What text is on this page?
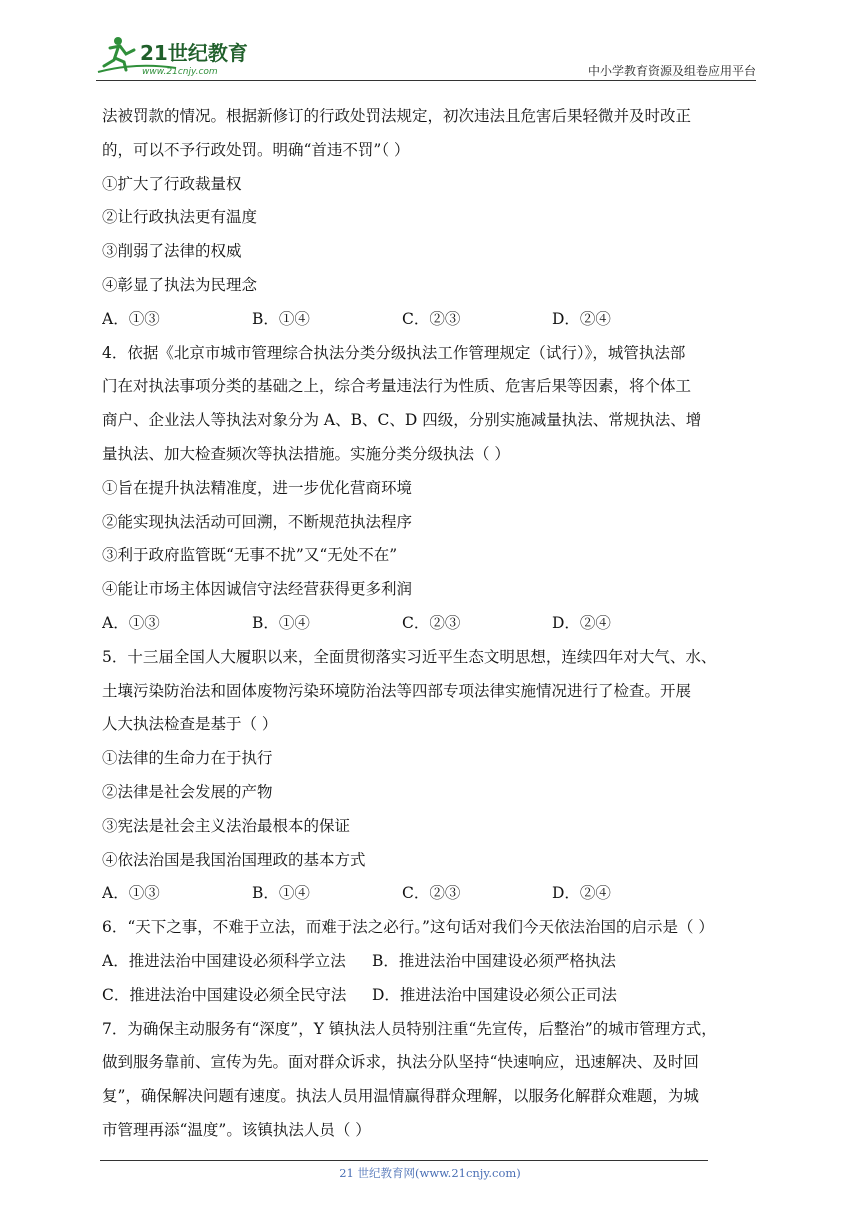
21世纪教育
www.21cnjy.com	中小学教育资源及组卷应用平台
法被罚款的情况。根据新修订的行政处罚法规定，初次违法且危害后果轻微并及时改正
的，可以不予行政处罚。明确“首违不罚”（ ）
①扩大了行政裁量权
②让行政执法更有温度
③削弱了法律的权威
④彰显了执法为民理念
A．①③	B．①④	C．②③	D．②④
4．依据《北京市城市管理综合执法分类分级执法工作管理规定（试行）》，城管执法部
门在对执法事项分类的基础之上，综合考量违法行为性质、危害后果等因素，将个体工
商户、企业法人等执法对象分为 A、B、C、D 四级，分别实施减量执法、常规执法、增
量执法、加大检查频次等执法措施。实施分类分级执法（ ）
①旨在提升执法精准度，进一步优化营商环境
②能实现执法活动可回溯，不断规范执法程序
③利于政府监管既“无事不扰”又“无处不在”
④能让市场主体因诚信守法经营获得更多利润
A．①③	B．①④	C．②③	D．②④
5．十三届全国人大履职以来，全面贯彻落实习近平生态文明思想，连续四年对大气、水、
土壤污染防治法和固体废物污染环境防治法等四部专项法律实施情况进行了检查。开展
人大执法检查是基于（ ）
①法律的生命力在于执行
②法律是社会发展的产物
③宪法是社会主义法治最根本的保证
④依法治国是我国治国理政的基本方式
A．①③	B．①④	C．②③	D．②④
6．“天下之事，不难于立法，而难于法之必行。”这句话对我们今天依法治国的启示是（ ）
A．推进法治中国建设必须科学立法	B．推进法治中国建设必须严格执法
C．推进法治中国建设必须全民守法	D．推进法治中国建设必须公正司法
7．为确保主动服务有“深度”，Y 镇执法人员特别注重“先宣传，后整治”的城市管理方式，
做到服务靠前、宣传为先。面对群众诉求，执法分队坚持“快速响应，迅速解决、及时回
复”，确保解决问题有速度。执法人员用温情赢得群众理解，以服务化解群众难题，为城
市管理再添“温度”。该镇执法人员（ ）
21 世纪教育网(www.21cnjy.com)
